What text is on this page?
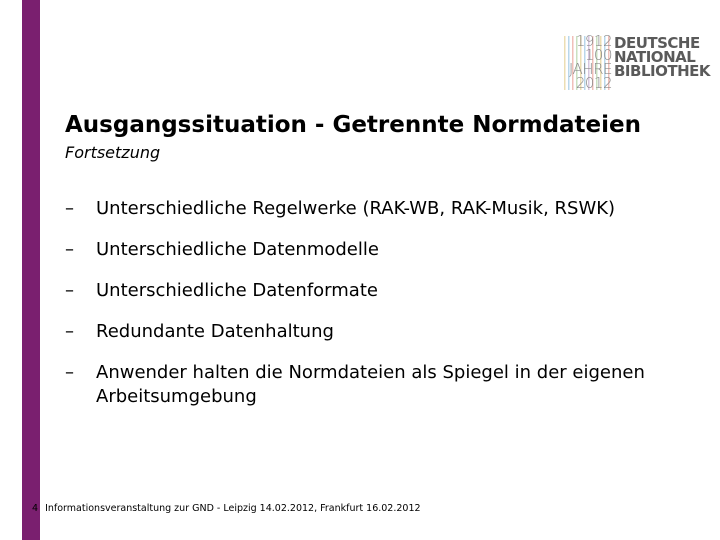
1912
100
JAHRE
2012
DEUTSCHE
NATIONAL
BIBLIOTHEK
Ausgangssituation - Getrennte Normdateien
Fortsetzung
– Unterschiedliche Regelwerke (RAK-WB, RAK-Musik, RSWK)
– Unterschiedliche Datenmodelle
– Unterschiedliche Datenformate
– Redundante Datenhaltung
– Anwender halten die Normdateien als Spiegel in der eigenen Arbeitsumgebung
4 Informationsveranstaltung zur GND - Leipzig 14.02.2012, Frankfurt 16.02.2012
